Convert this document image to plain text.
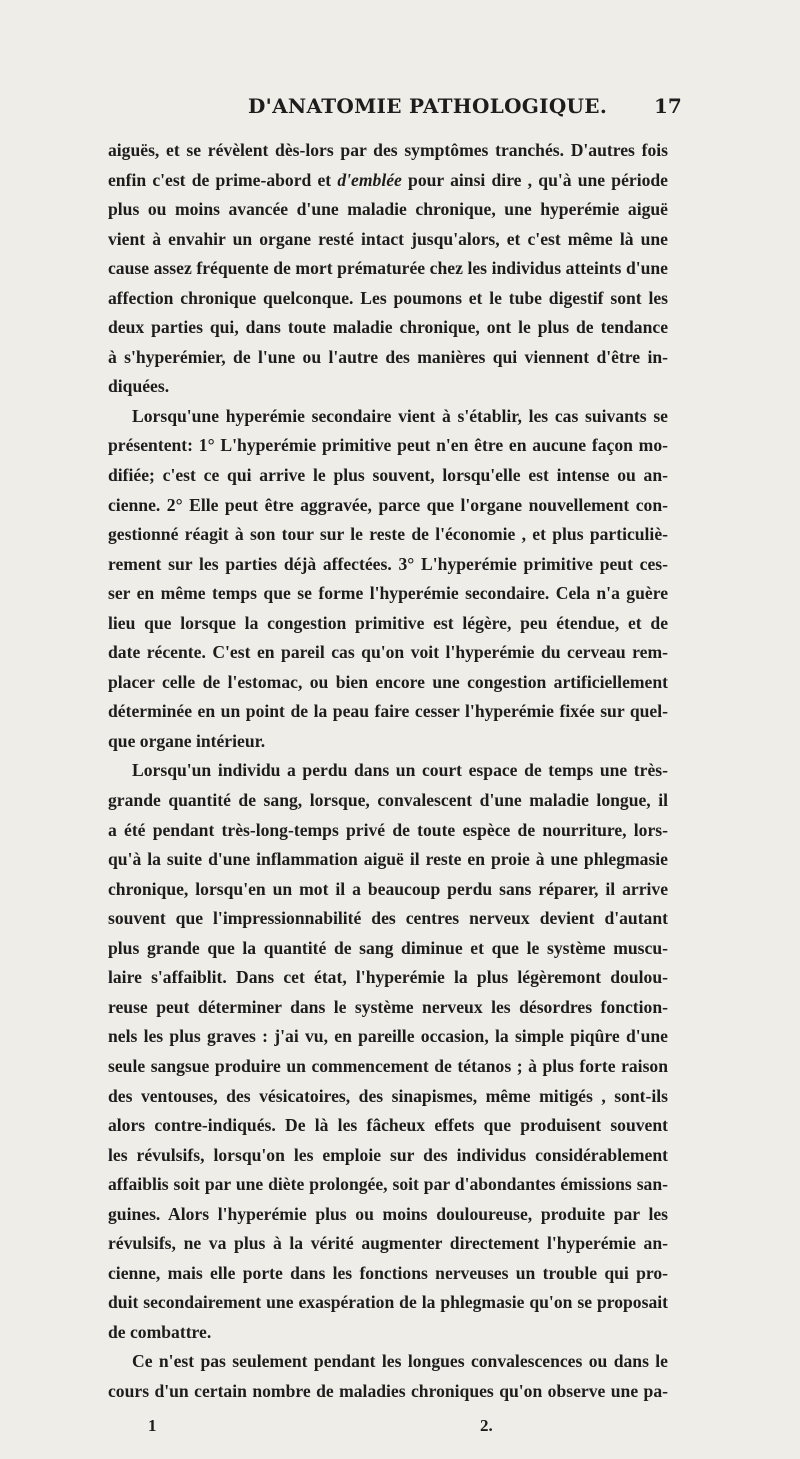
D'ANATOMIE PATHOLOGIQUE. 17
aiguës, et se révèlent dès-lors par des symptômes tranchés. D'autres fois
enfin c'est de prime-abord et d'emblée pour ainsi dire , qu'à une période
plus ou moins avancée d'une maladie chronique, une hyperémie aiguë
vient à envahir un organe resté intact jusqu'alors, et c'est même là une
cause assez fréquente de mort prématurée chez les individus atteints d'une
affection chronique quelconque. Les poumons et le tube digestif sont les
deux parties qui, dans toute maladie chronique, ont le plus de tendance
à s'hyperémier, de l'une ou l'autre des manières qui viennent d'être in-
diquées.
Lorsqu'une hyperémie secondaire vient à s'établir, les cas suivants se
présentent: 1° L'hyperémie primitive peut n'en être en aucune façon mo-
difiée; c'est ce qui arrive le plus souvent, lorsqu'elle est intense ou an-
cienne. 2° Elle peut être aggravée, parce que l'organe nouvellement con-
gestionné réagit à son tour sur le reste de l'économie , et plus particuliè-
rement sur les parties déjà affectées. 3° L'hyperémie primitive peut ces-
ser en même temps que se forme l'hyperémie secondaire. Cela n'a guère
lieu que lorsque la congestion primitive est légère, peu étendue, et de
date récente. C'est en pareil cas qu'on voit l'hyperémie du cerveau rem-
placer celle de l'estomac, ou bien encore une congestion artificiellement
déterminée en un point de la peau faire cesser l'hyperémie fixée sur quel-
que organe intérieur.
Lorsqu'un individu a perdu dans un court espace de temps une très-
grande quantité de sang, lorsque, convalescent d'une maladie longue, il
a été pendant très-long-temps privé de toute espèce de nourriture, lors-
qu'à la suite d'une inflammation aiguë il reste en proie à une phlegmasie
chronique, lorsqu'en un mot il a beaucoup perdu sans réparer, il arrive
souvent que l'impressionnabilité des centres nerveux devient d'autant
plus grande que la quantité de sang diminue et que le système muscu-
laire s'affaiblit. Dans cet état, l'hyperémie la plus légèremont doulou-
reuse peut déterminer dans le système nerveux les désordres fonction-
nels les plus graves : j'ai vu, en pareille occasion, la simple piqûre d'une
seule sangsue produire un commencement de tétanos ; à plus forte raison
des ventouses, des vésicatoires, des sinapismes, même mitigés , sont-ils
alors contre-indiqués. De là les fâcheux effets que produisent souvent
les révulsifs, lorsqu'on les emploie sur des individus considérablement
affaiblis soit par une diète prolongée, soit par d'abondantes émissions san-
guines. Alors l'hyperémie plus ou moins douloureuse, produite par les
révulsifs, ne va plus à la vérité augmenter directement l'hyperémie an-
cienne, mais elle porte dans les fonctions nerveuses un trouble qui pro-
duit secondairement une exaspération de la phlegmasie qu'on se proposait
de combattre.
Ce n'est pas seulement pendant les longues convalescences ou dans le
cours d'un certain nombre de maladies chroniques qu'on observe une pa-
1	2.
